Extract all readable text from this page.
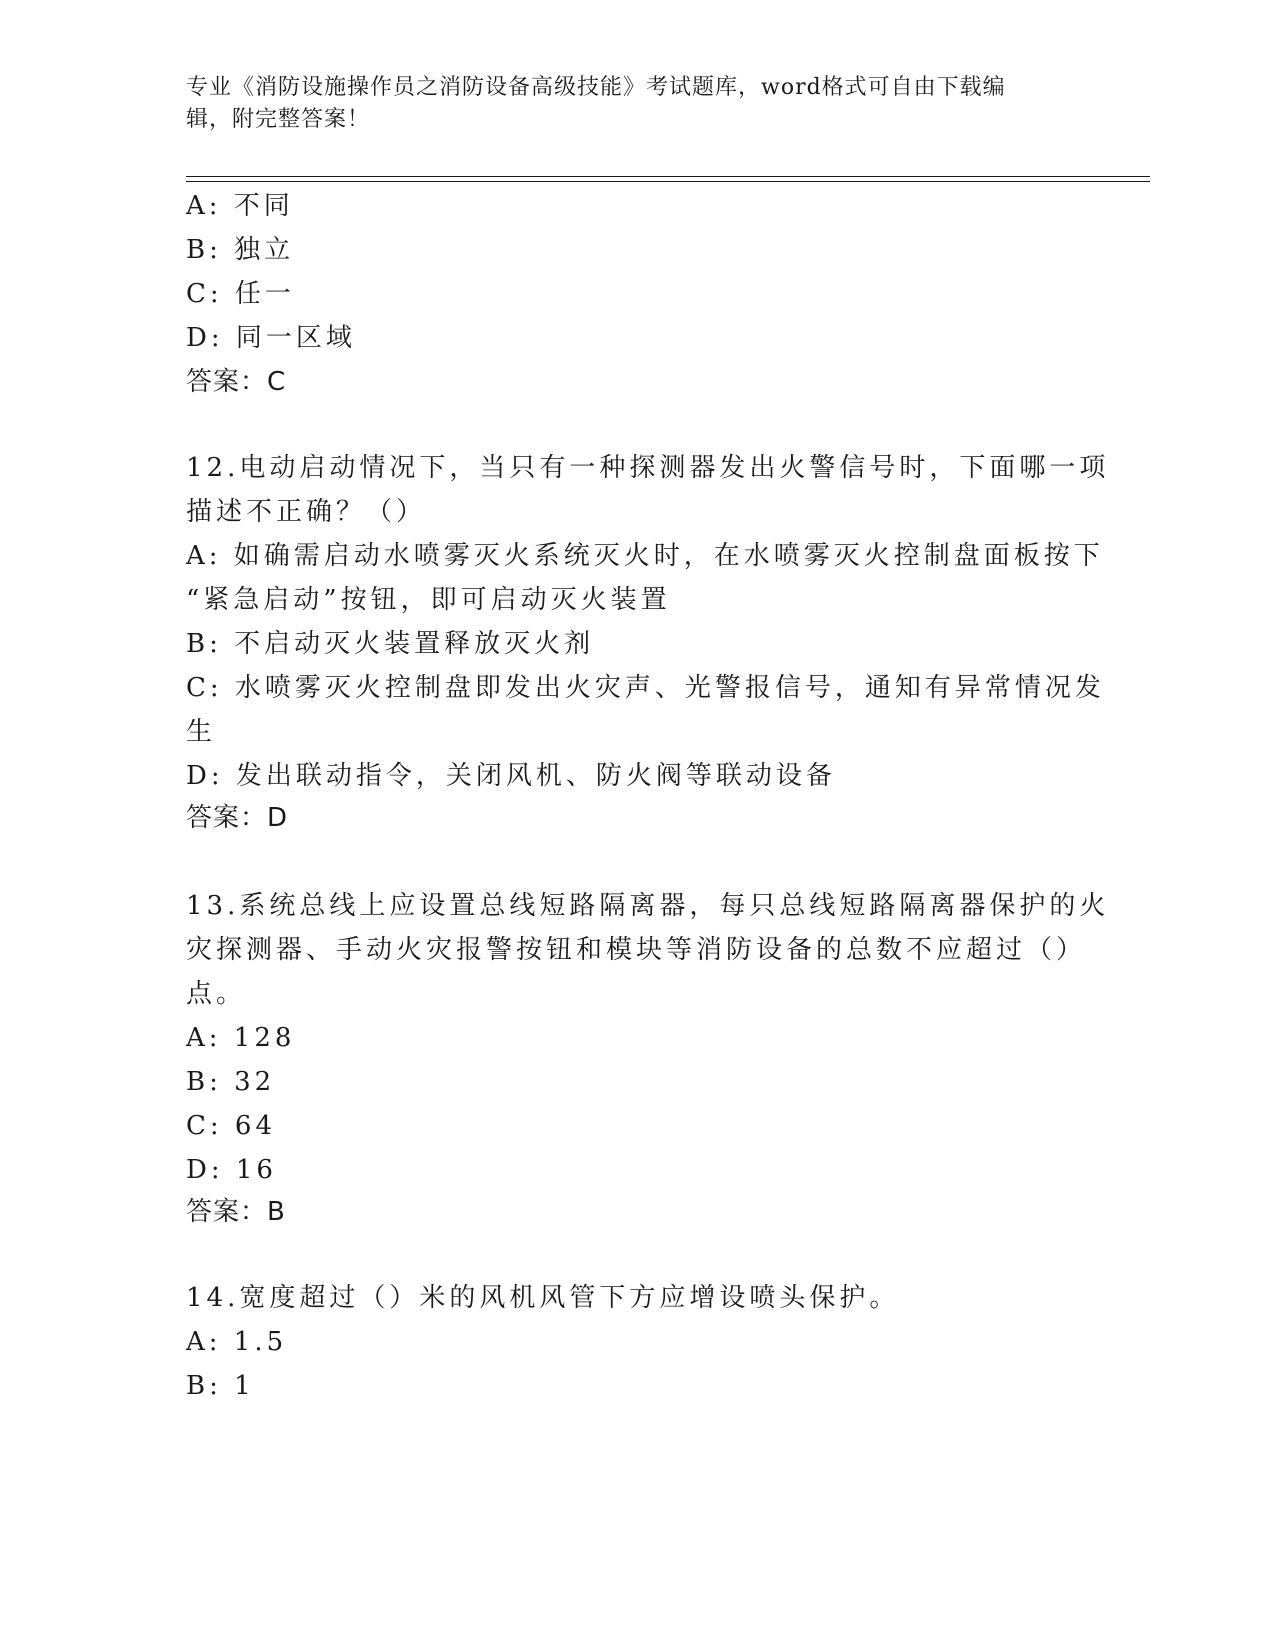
专业《消防设施操作员之消防设备高级技能》考试题库，word格式可自由下载编
辑，附完整答案！
A: 不同
B: 独立
C: 任一
D: 同一区域
答案：C
12.电动启动情况下，当只有一种探测器发出火警信号时，下面哪一项
描述不正确？（）
A: 如确需启动水喷雾灭火系统灭火时，在水喷雾灭火控制盘面板按下
“紧急启动”按钮，即可启动灭火装置
B: 不启动灭火装置释放灭火剂
C: 水喷雾灭火控制盘即发出火灾声、光警报信号，通知有异常情况发
生
D: 发出联动指令，关闭风机、防火阀等联动设备
答案：D
13.系统总线上应设置总线短路隔离器，每只总线短路隔离器保护的火
灾探测器、手动火灾报警按钮和模块等消防设备的总数不应超过（）
点。
A: 128
B: 32
C: 64
D: 16
答案：B
14.宽度超过（）米的风机风管下方应增设喷头保护。
A: 1.5
B: 1
